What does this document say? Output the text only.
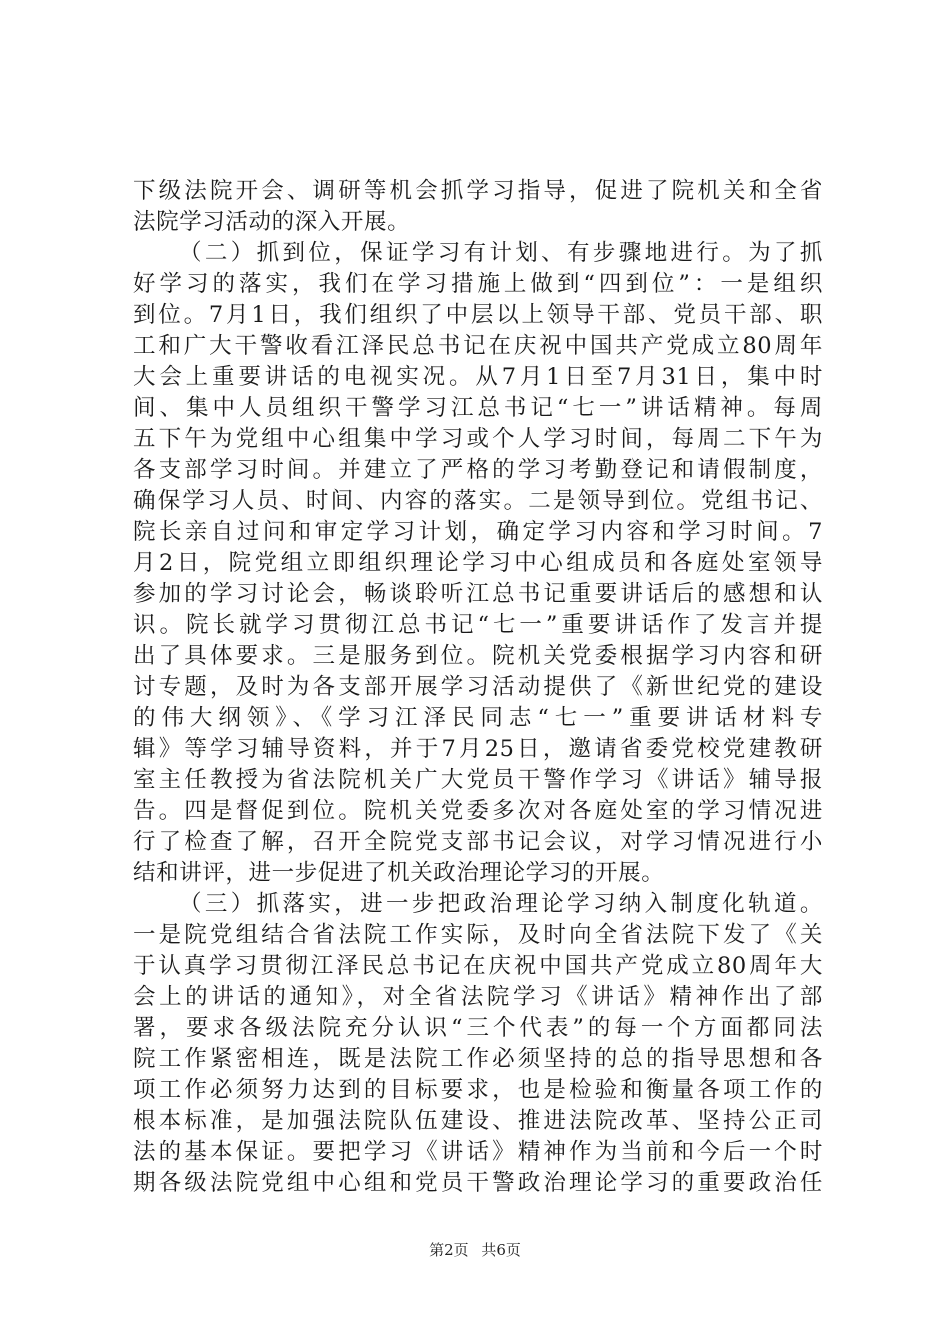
下级法院开会、调研等机会抓学习指导，促进了院机关和全省
法院学习活动的深入开展。
（二）抓到位，保证学习有计划、有步骤地进行。为了抓
好学习的落实，我们在学习措施上做到“四到位”：一是组织
到位。7月1日，我们组织了中层以上领导干部、党员干部、职
工和广大干警收看江泽民总书记在庆祝中国共产党成立80周年
大会上重要讲话的电视实况。从7月1日至7月31日，集中时
间、集中人员组织干警学习江总书记“七一”讲话精神。每周
五下午为党组中心组集中学习或个人学习时间，每周二下午为
各支部学习时间。并建立了严格的学习考勤登记和请假制度，
确保学习人员、时间、内容的落实。二是领导到位。党组书记、
院长亲自过问和审定学习计划，确定学习内容和学习时间。7
月2日，院党组立即组织理论学习中心组成员和各庭处室领导
参加的学习讨论会，畅谈聆听江总书记重要讲话后的感想和认
识。院长就学习贯彻江总书记“七一”重要讲话作了发言并提
出了具体要求。三是服务到位。院机关党委根据学习内容和研
讨专题，及时为各支部开展学习活动提供了《新世纪党的建设
的伟大纲领》、《学习江泽民同志“七一”重要讲话材料专
辑》等学习辅导资料，并于7月25日，邀请省委党校党建教研
室主任教授为省法院机关广大党员干警作学习《讲话》辅导报
告。四是督促到位。院机关党委多次对各庭处室的学习情况进
行了检查了解，召开全院党支部书记会议，对学习情况进行小
结和讲评，进一步促进了机关政治理论学习的开展。
（三）抓落实，进一步把政治理论学习纳入制度化轨道。
一是院党组结合省法院工作实际，及时向全省法院下发了《关
于认真学习贯彻江泽民总书记在庆祝中国共产党成立80周年大
会上的讲话的通知》，对全省法院学习《讲话》精神作出了部
署，要求各级法院充分认识“三个代表”的每一个方面都同法
院工作紧密相连，既是法院工作必须坚持的总的指导思想和各
项工作必须努力达到的目标要求，也是检验和衡量各项工作的
根本标准，是加强法院队伍建设、推进法院改革、坚持公正司
法的基本保证。要把学习《讲话》精神作为当前和今后一个时
期各级法院党组中心组和党员干警政治理论学习的重要政治任
第2页 共6页
